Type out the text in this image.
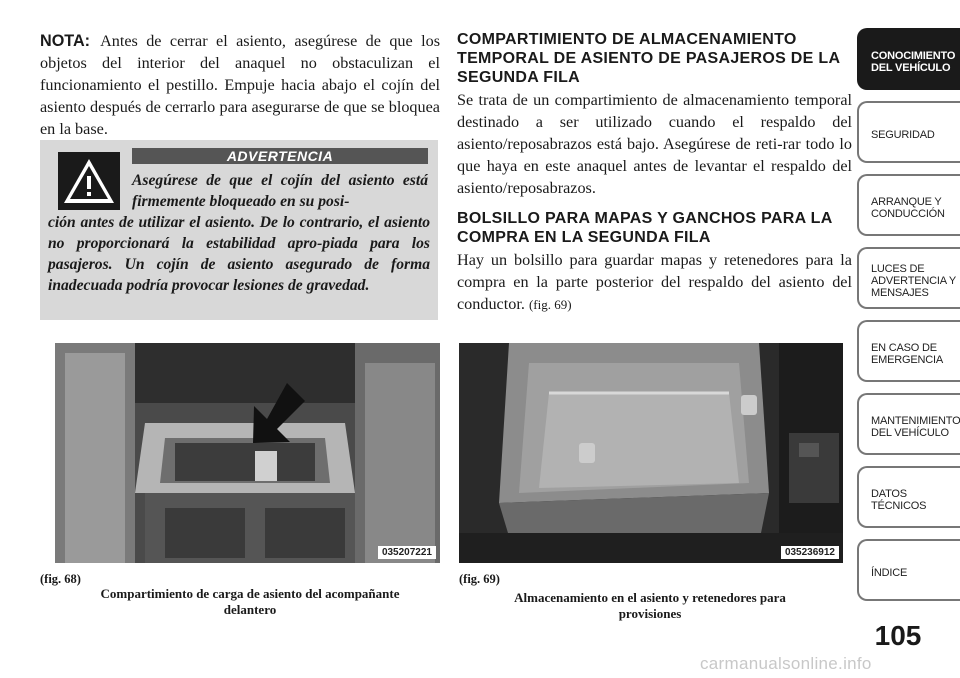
NOTA: Antes de cerrar el asiento, asegúrese de que los objetos del interior del anaquel no obstaculizan el funcionamiento el pestillo. Empuje hacia abajo el cojín del asiento después de cerrarlo para asegurarse de que se bloquea en la base.

ADVERTENCIA

Asegúrese de que el cojín del asiento está firmemente bloqueado en su posi-

ción antes de utilizar el asiento. De lo contrario, el asiento no proporcionará la estabilidad apro-piada para los pasajeros. Un cojín de asiento asegurado de forma inadecuada podría provocar lesiones de gravedad.

COMPARTIMIENTO DE ALMACENAMIENTO TEMPORAL DE ASIENTO DE PASAJEROS DE LA SEGUNDA FILA

Se trata de un compartimiento de almacenamiento temporal destinado a ser utilizado cuando el respaldo del asiento/reposabrazos está bajo. Asegúrese de reti-rar todo lo que haya en este anaquel antes de levantar el respaldo del asiento/reposabrazos.

BOLSILLO PARA MAPAS Y GANCHOS PARA LA COMPRA EN LA SEGUNDA FILA

Hay un bolsillo para guardar mapas y retenedores para la compra en la parte posterior del respaldo del asiento del conductor. (fig. 69)

035207221	035236912
(fig. 68)
Compartimiento de carga de asiento del acompañante delantero
(fig. 69)
Almacenamiento en el asiento y retenedores para provisiones
CONOCIMIENTO DEL VEHÍCULO
SEGURIDAD
ARRANQUE Y CONDUCCIÓN
LUCES DE ADVERTENCIA Y MENSAJES
EN CASO DE EMERGENCIA
MANTENIMIENTO DEL VEHÍCULO
DATOS TÉCNICOS
ÍNDICE
105
carmanualsonline.info
